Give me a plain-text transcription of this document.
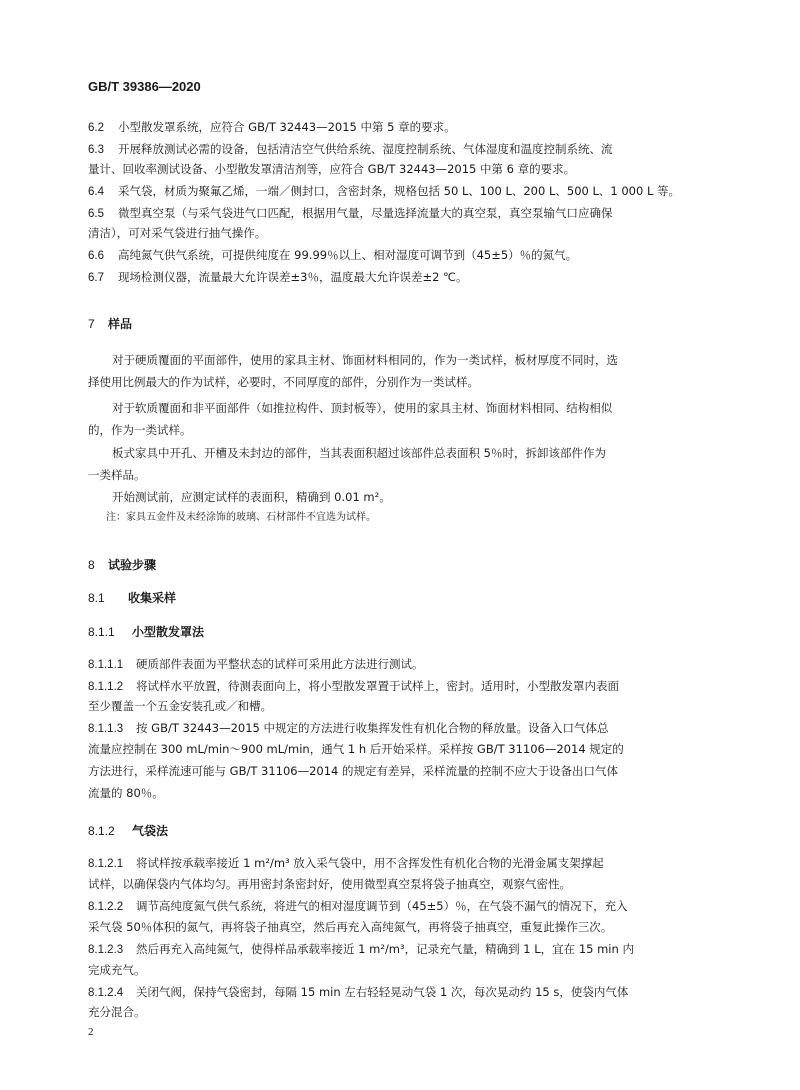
GB/T 39386—2020
6.2 小型散发罩系统，应符合 GB/T 32443—2015 中第 5 章的要求。
6.3 开展释放测试必需的设备，包括清洁空气供给系统、湿度控制系统、气体湿度和温度控制系统、流
量计、回收率测试设备、小型散发罩清洁剂等，应符合 GB/T 32443—2015 中第 6 章的要求。
6.4 采气袋，材质为聚氟乙烯，一端／侧封口，含密封条，规格包括 50 L、100 L、200 L、500 L、1 000 L 等。
6.5 微型真空泵（与采气袋进气口匹配，根据用气量，尽量选择流量大的真空泵，真空泵输气口应确保
清洁），可对采气袋进行抽气操作。
6.6 高纯氮气供气系统，可提供纯度在 99.99％以上、相对湿度可调节到（45±5）％的氮气。
6.7 现场检测仪器，流量最大允许误差±3％，温度最大允许误差±2 ℃。
7 样品
对于硬质覆面的平面部件，使用的家具主材、饰面材料相同的，作为一类试样，板材厚度不同时，选
择使用比例最大的作为试样，必要时，不同厚度的部件，分别作为一类试样。
对于软质覆面和非平面部件（如推拉构件、顶封板等），使用的家具主材、饰面材料相同、结构相似
的，作为一类试样。
板式家具中开孔、开槽及未封边的部件，当其表面积超过该部件总表面积 5％时，拆卸该部件作为
一类样品。
开始测试前，应测定试样的表面积，精确到 0.01 m²。
注：家具五金件及未经涂饰的玻璃、石材部件不宜选为试样。
8 试验步骤
8.1 收集采样
8.1.1 小型散发罩法
8.1.1.1 硬质部件表面为平整状态的试样可采用此方法进行测试。
8.1.1.2 将试样水平放置，待测表面向上，将小型散发罩置于试样上，密封。适用时，小型散发罩内表面
至少覆盖一个五金安装孔或／和槽。
8.1.1.3 按 GB/T 32443—2015 中规定的方法进行收集挥发性有机化合物的释放量。设备入口气体总
流量应控制在 300 mL/min～900 mL/min，通气 1 h 后开始采样。采样按 GB/T 31106—2014 规定的
方法进行，采样流速可能与 GB/T 31106—2014 的规定有差异，采样流量的控制不应大于设备出口气体
流量的 80％。
8.1.2 气袋法
8.1.2.1 将试样按承载率接近 1 m²/m³ 放入采气袋中，用不含挥发性有机化合物的光滑金属支架撑起
试样，以确保袋内气体均匀。再用密封条密封好，使用微型真空泵将袋子抽真空，观察气密性。
8.1.2.2 调节高纯度氮气供气系统，将进气的相对湿度调节到（45±5）％，在气袋不漏气的情况下，充入
采气袋 50％体积的氮气，再将袋子抽真空，然后再充入高纯氮气，再将袋子抽真空，重复此操作三次。
8.1.2.3 然后再充入高纯氮气，使得样品承载率接近 1 m²/m³，记录充气量，精确到 1 L，宜在 15 min 内
完成充气。
8.1.2.4 关闭气阀，保持气袋密封，每隔 15 min 左右轻轻晃动气袋 1 次，每次晃动约 15 s，使袋内气体
充分混合。
2
